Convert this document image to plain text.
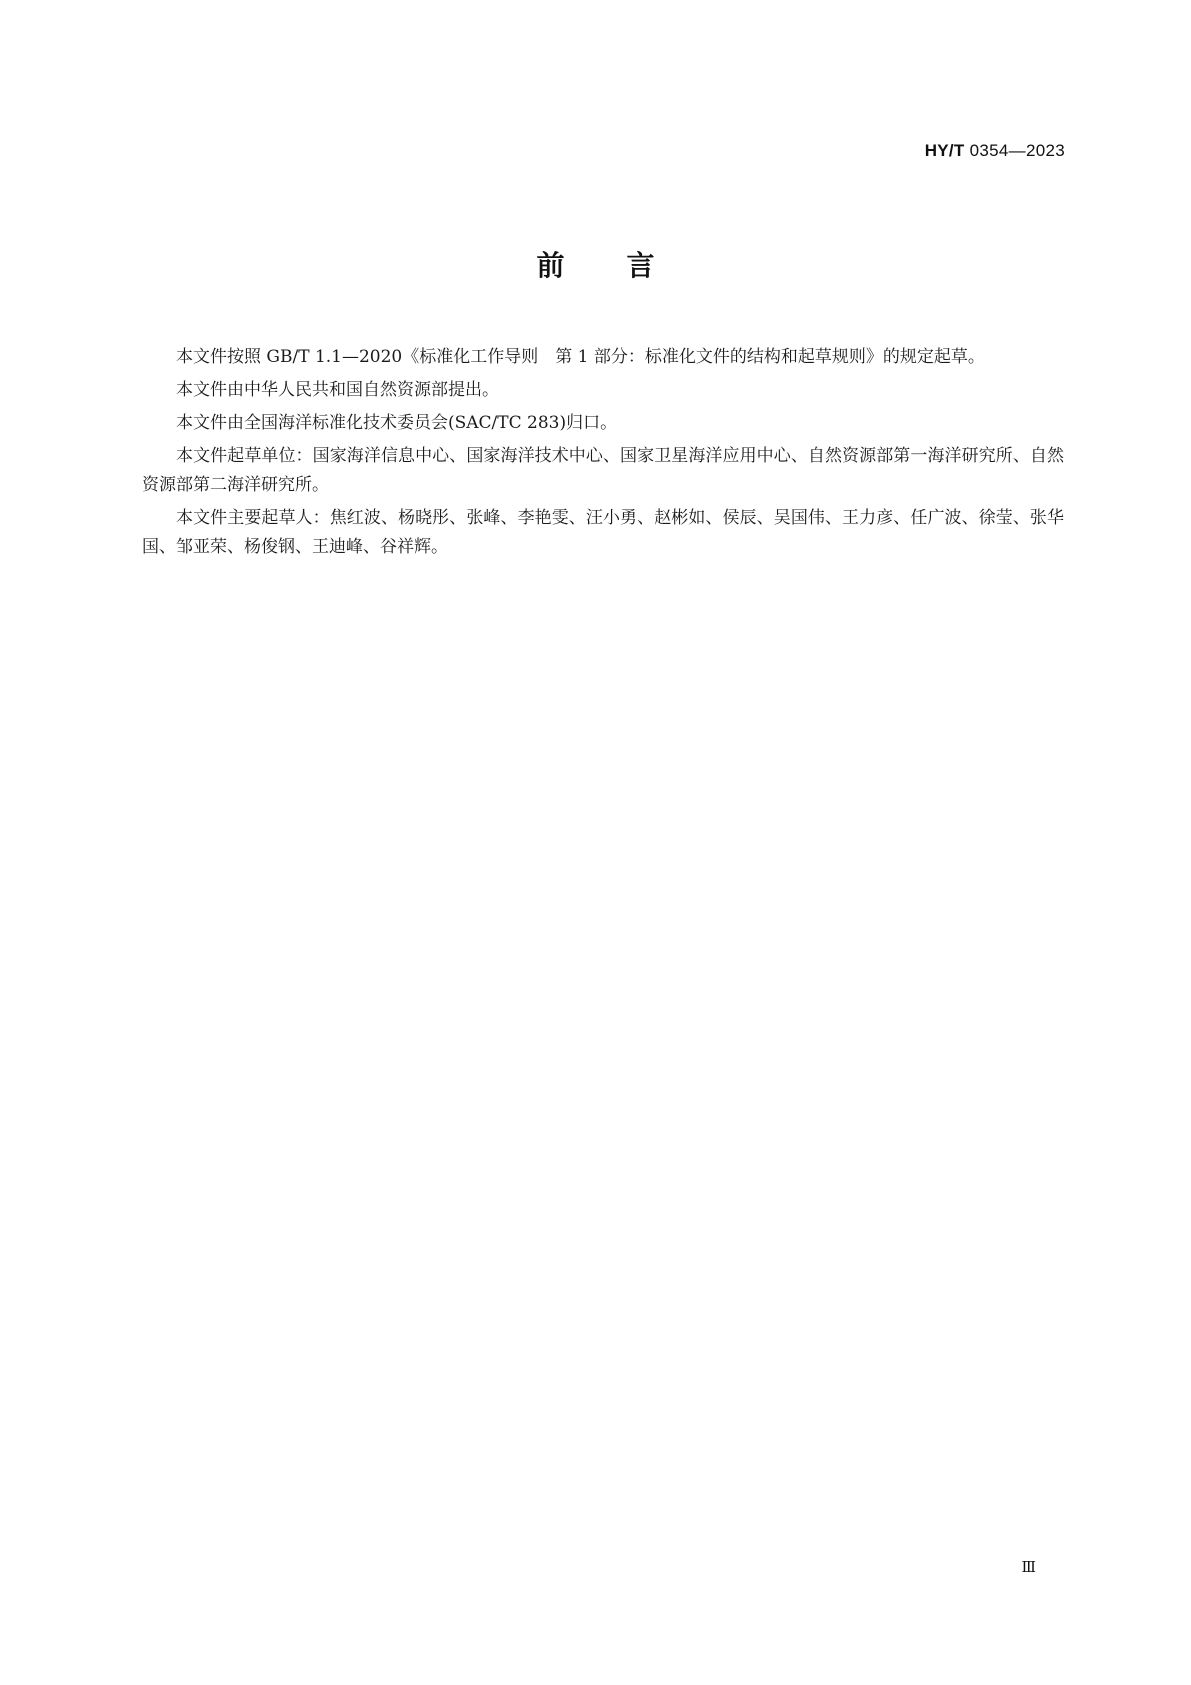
HY/T 0354—2023
前言

本文件按照 GB/T 1.1—2020《标准化工作导则　第 1 部分：标准化文件的结构和起草规则》的规定起草。

本文件由中华人民共和国自然资源部提出。

本文件由全国海洋标准化技术委员会(SAC/TC 283)归口。

本文件起草单位：国家海洋信息中心、国家海洋技术中心、国家卫星海洋应用中心、自然资源部第一海洋研究所、自然资源部第二海洋研究所。

本文件主要起草人：焦红波、杨晓彤、张峰、李艳雯、汪小勇、赵彬如、侯辰、吴国伟、王力彦、任广波、徐莹、张华国、邹亚荣、杨俊钢、王迪峰、谷祥辉。

Ⅲ
